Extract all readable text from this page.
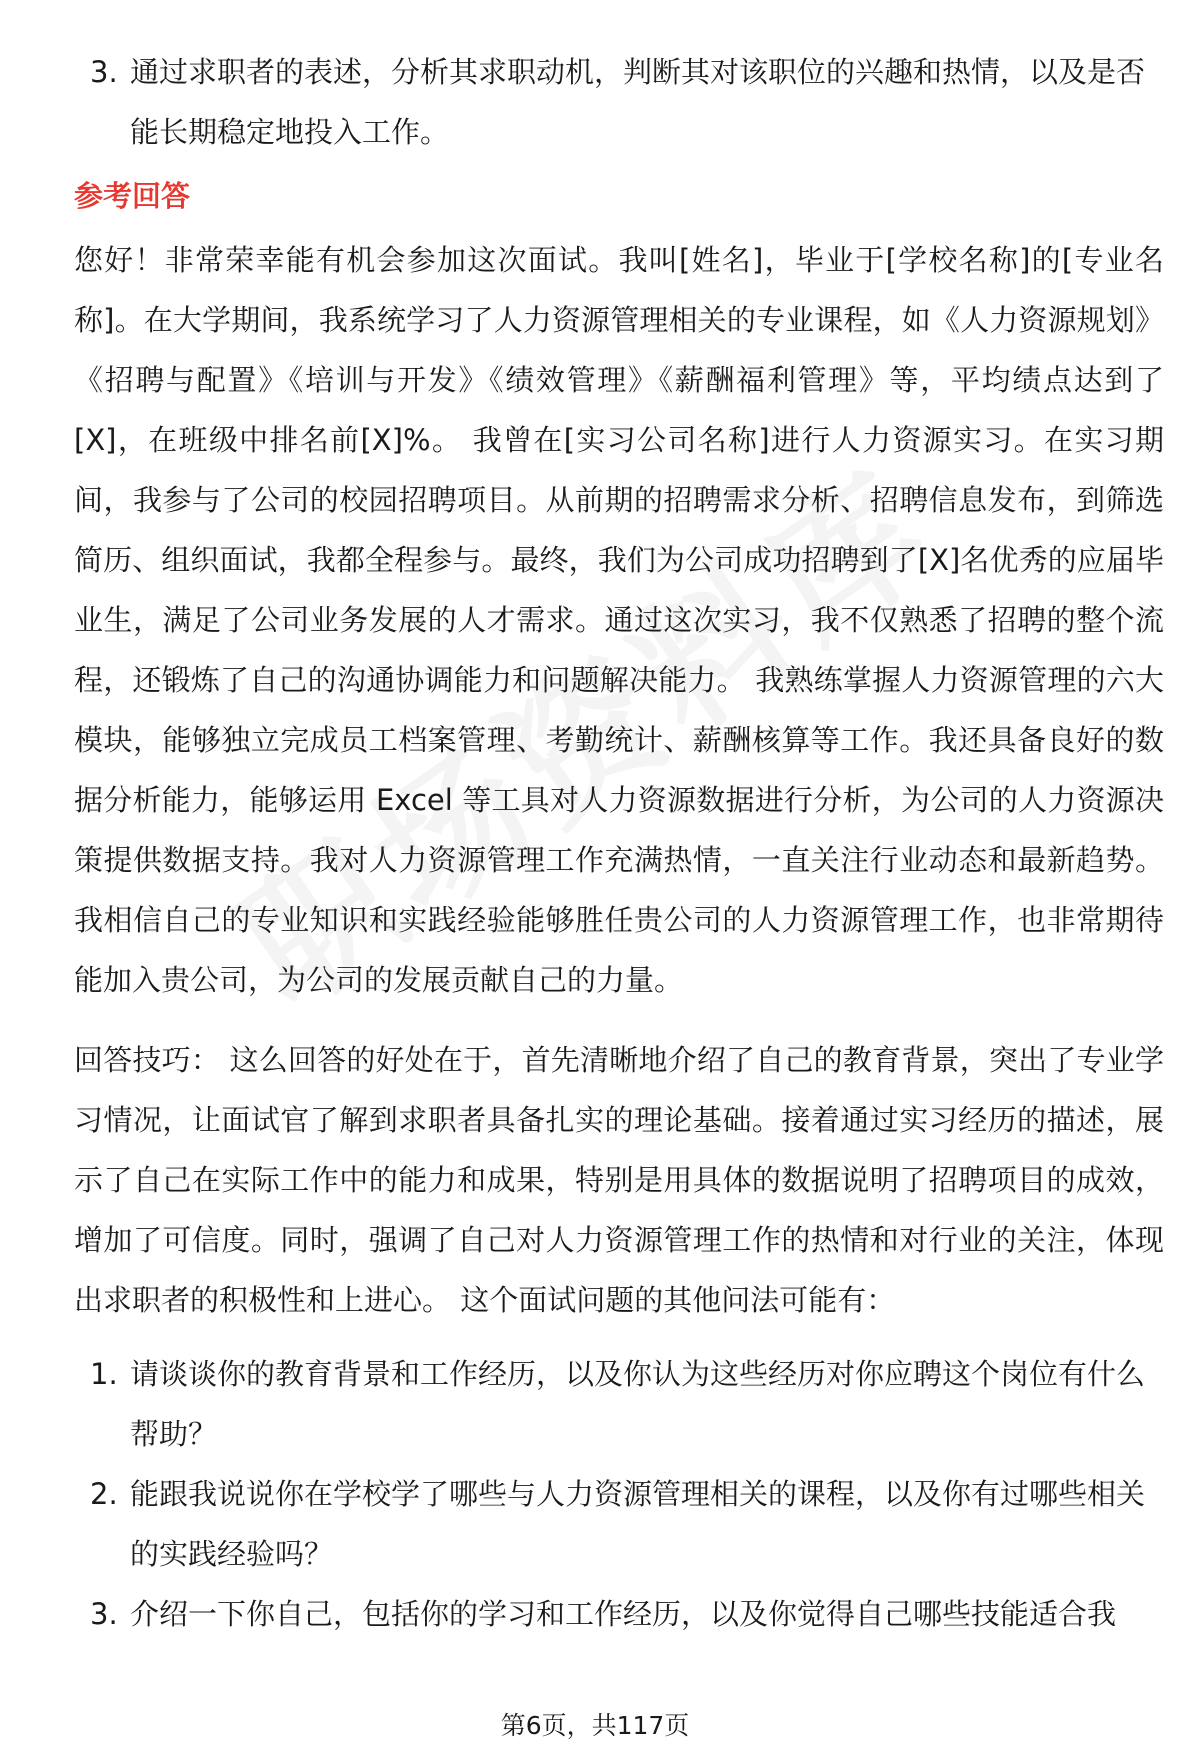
3. 通过求职者的表述，分析其求职动机，判断其对该职位的兴趣和热情，以及是否能长期稳定地投入工作。
参考回答
您好！非常荣幸能有机会参加这次面试。我叫[姓名]，毕业于[学校名称]的[专业名称]。在大学期间，我系统学习了人力资源管理相关的专业课程，如《人力资源规划》《招聘与配置》《培训与开发》《绩效管理》《薪酬福利管理》等，平均绩点达到了[X]，在班级中排名前[X]%。 我曾在[实习公司名称]进行人力资源实习。在实习期间，我参与了公司的校园招聘项目。从前期的招聘需求分析、招聘信息发布，到筛选简历、组织面试，我都全程参与。最终，我们为公司成功招聘到了[X]名优秀的应届毕业生，满足了公司业务发展的人才需求。通过这次实习，我不仅熟悉了招聘的整个流程，还锻炼了自己的沟通协调能力和问题解决能力。 我熟练掌握人力资源管理的六大模块，能够独立完成员工档案管理、考勤统计、薪酬核算等工作。我还具备良好的数据分析能力，能够运用 Excel 等工具对人力资源数据进行分析，为公司的人力资源决策提供数据支持。我对人力资源管理工作充满热情，一直关注行业动态和最新趋势。我相信自己的专业知识和实践经验能够胜任贵公司的人力资源管理工作，也非常期待能加入贵公司，为公司的发展贡献自己的力量。
回答技巧： 这么回答的好处在于，首先清晰地介绍了自己的教育背景，突出了专业学习情况，让面试官了解到求职者具备扎实的理论基础。接着通过实习经历的描述，展示了自己在实际工作中的能力和成果，特别是用具体的数据说明了招聘项目的成效，增加了可信度。同时，强调了自己对人力资源管理工作的热情和对行业的关注，体现出求职者的积极性和上进心。 这个面试问题的其他问法可能有：
1. 请谈谈你的教育背景和工作经历，以及你认为这些经历对你应聘这个岗位有什么帮助？
2. 能跟我说说你在学校学了哪些与人力资源管理相关的课程，以及你有过哪些相关的实践经验吗？
3. 介绍一下你自己，包括你的学习和工作经历，以及你觉得自己哪些技能适合我
第6页，共117页
